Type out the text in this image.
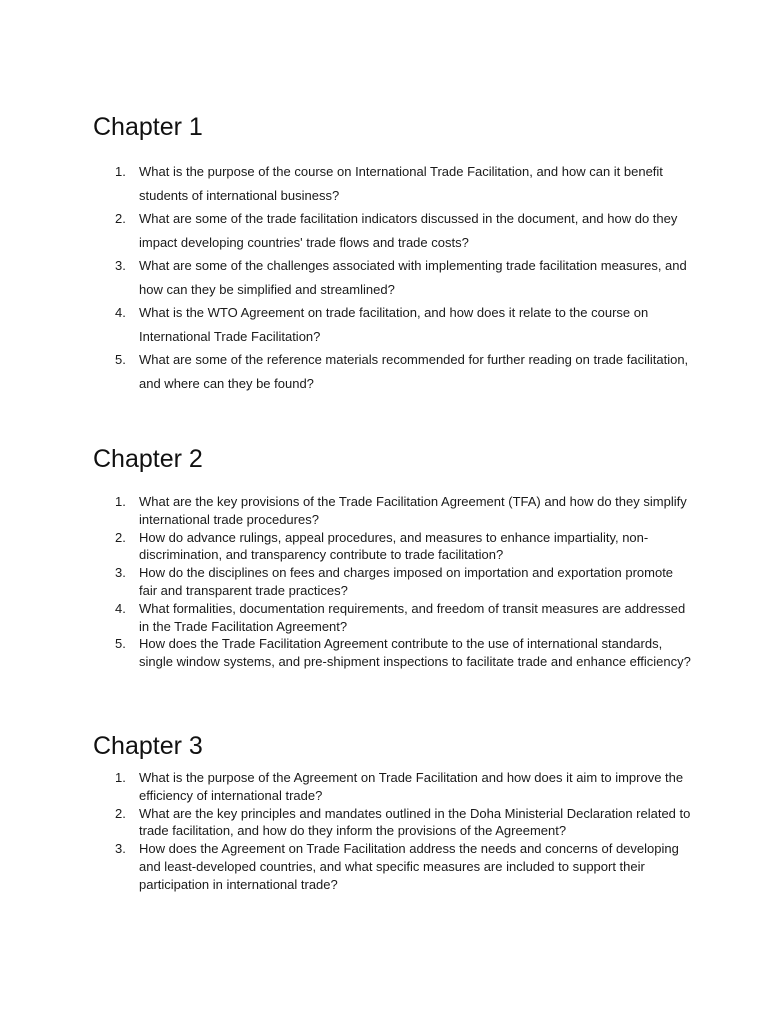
Chapter 1
1. What is the purpose of the course on International Trade Facilitation, and how can it benefit students of international business?
2. What are some of the trade facilitation indicators discussed in the document, and how do they impact developing countries' trade flows and trade costs?
3. What are some of the challenges associated with implementing trade facilitation measures, and how can they be simplified and streamlined?
4. What is the WTO Agreement on trade facilitation, and how does it relate to the course on International Trade Facilitation?
5. What are some of the reference materials recommended for further reading on trade facilitation, and where can they be found?
Chapter 2
1. What are the key provisions of the Trade Facilitation Agreement (TFA) and how do they simplify international trade procedures?
2. How do advance rulings, appeal procedures, and measures to enhance impartiality, non-discrimination, and transparency contribute to trade facilitation?
3. How do the disciplines on fees and charges imposed on importation and exportation promote fair and transparent trade practices?
4. What formalities, documentation requirements, and freedom of transit measures are addressed in the Trade Facilitation Agreement?
5. How does the Trade Facilitation Agreement contribute to the use of international standards, single window systems, and pre-shipment inspections to facilitate trade and enhance efficiency?
Chapter 3
1. What is the purpose of the Agreement on Trade Facilitation and how does it aim to improve the efficiency of international trade?
2. What are the key principles and mandates outlined in the Doha Ministerial Declaration related to trade facilitation, and how do they inform the provisions of the Agreement?
3. How does the Agreement on Trade Facilitation address the needs and concerns of developing and least-developed countries, and what specific measures are included to support their participation in international trade?
